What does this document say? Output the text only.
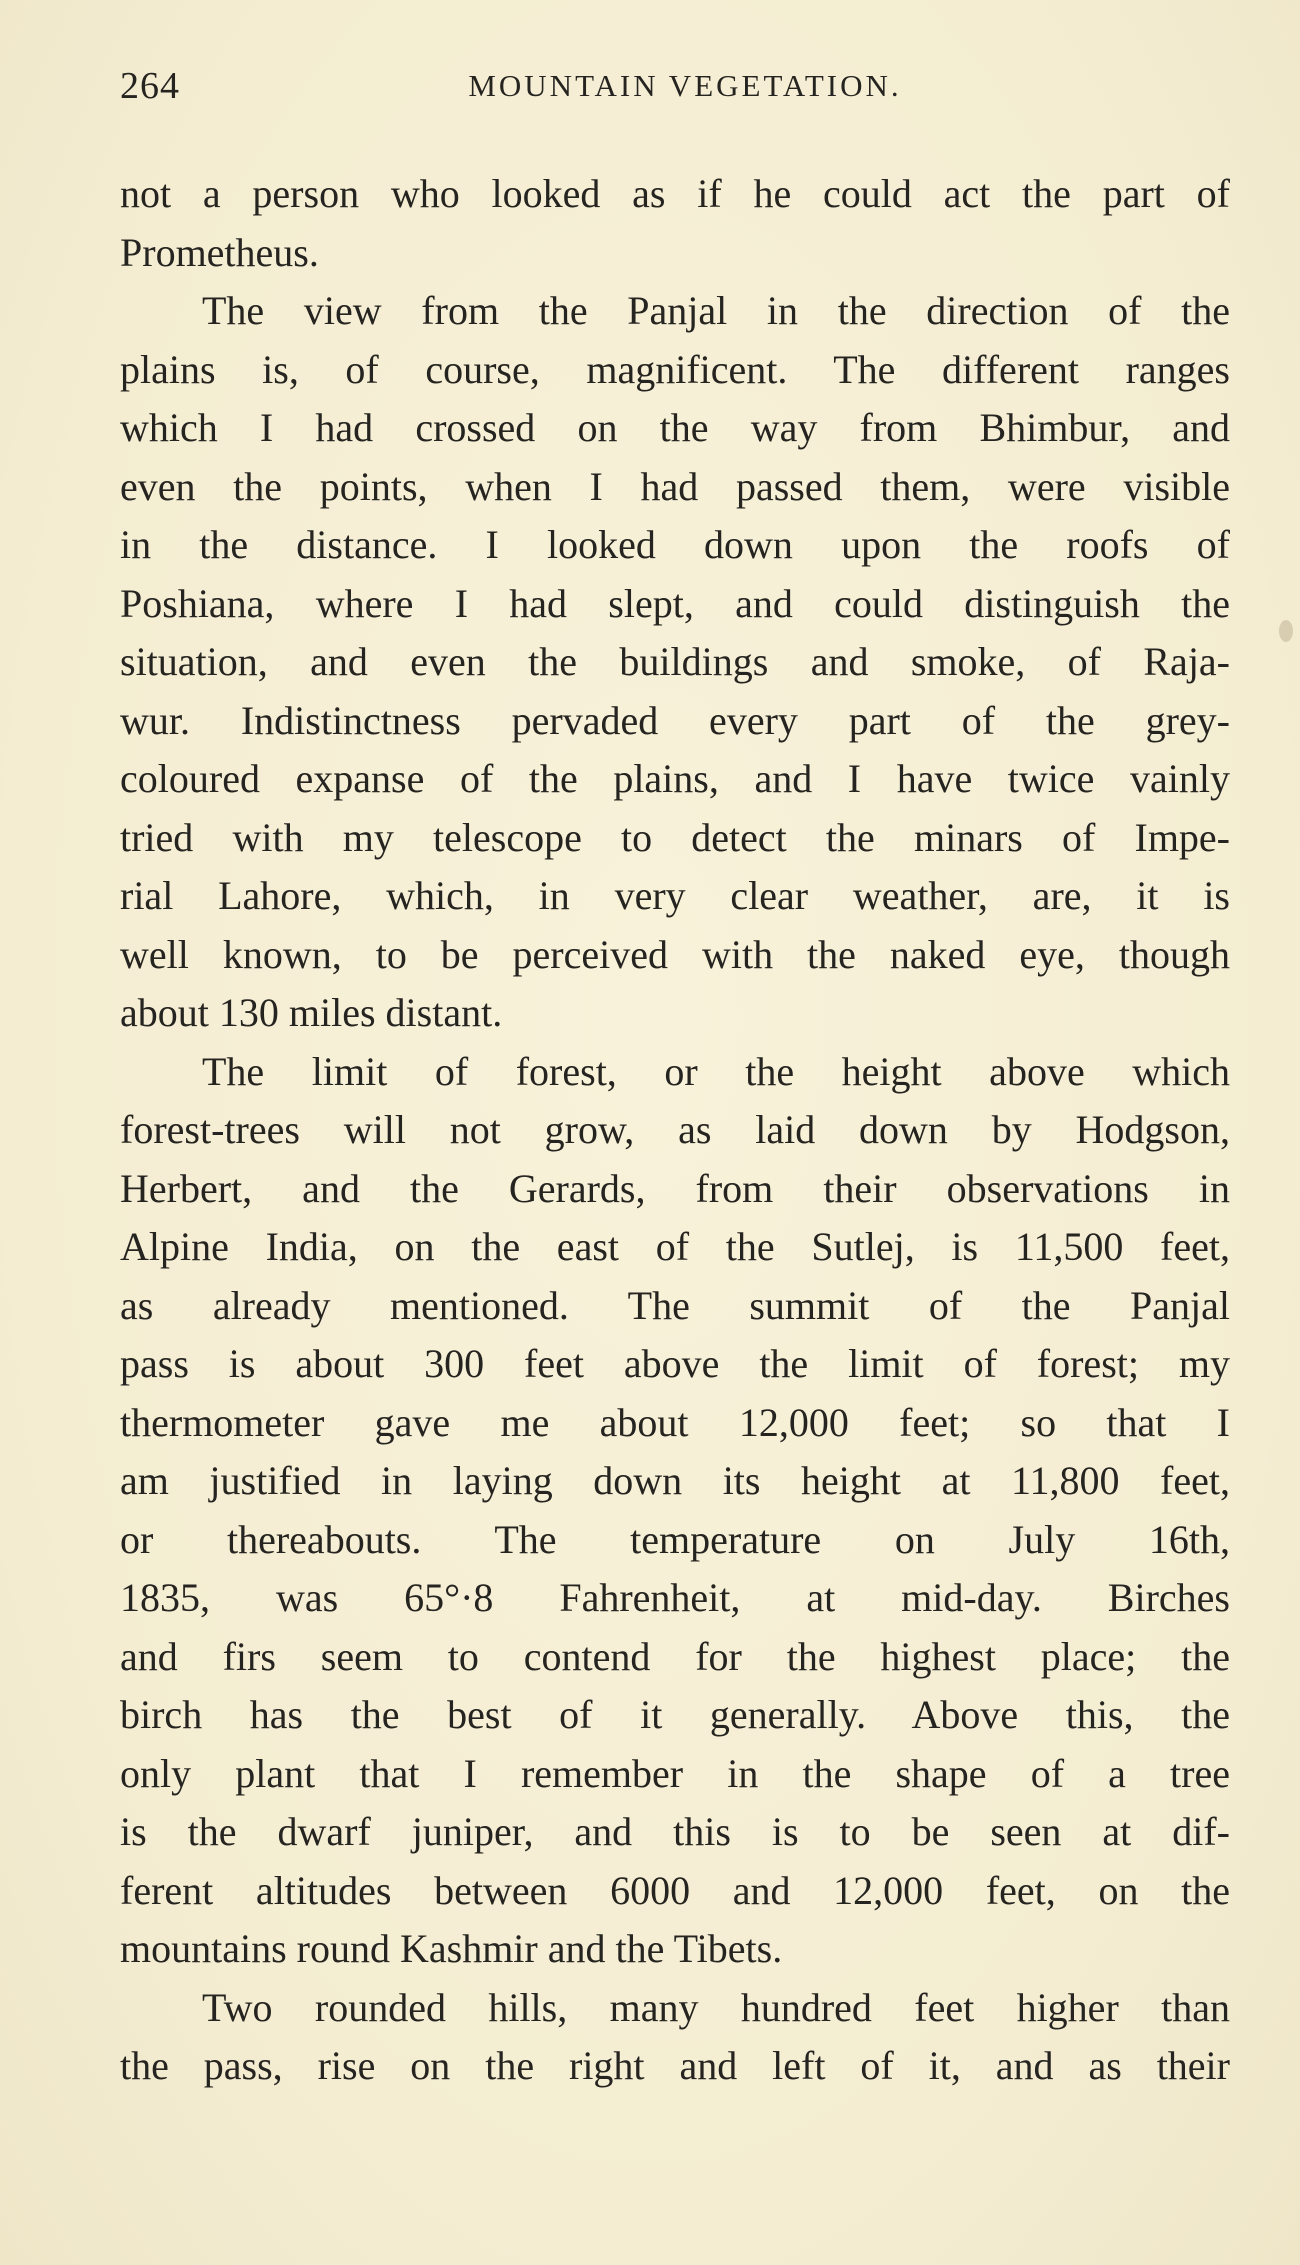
264	MOUNTAIN VEGETATION.
not a person who looked as if he could act the part of
Prometheus.
The view from the Panjal in the direction of the
plains is, of course, magnificent. The different ranges
which I had crossed on the way from Bhimbur, and
even the points, when I had passed them, were visible
in the distance. I looked down upon the roofs of
Poshiana, where I had slept, and could distinguish the
situation, and even the buildings and smoke, of Raja-
wur. Indistinctness pervaded every part of the grey-
coloured expanse of the plains, and I have twice vainly
tried with my telescope to detect the minars of Impe-
rial Lahore, which, in very clear weather, are, it is
well known, to be perceived with the naked eye, though
about 130 miles distant.
The limit of forest, or the height above which
forest-trees will not grow, as laid down by Hodgson,
Herbert, and the Gerards, from their observations in
Alpine India, on the east of the Sutlej, is 11,500 feet,
as already mentioned. The summit of the Panjal
pass is about 300 feet above the limit of forest; my
thermometer gave me about 12,000 feet; so that I
am justified in laying down its height at 11,800 feet,
or thereabouts. The temperature on July 16th,
1835, was 65°·8 Fahrenheit, at mid-day. Birches
and firs seem to contend for the highest place; the
birch has the best of it generally. Above this, the
only plant that I remember in the shape of a tree
is the dwarf juniper, and this is to be seen at dif-
ferent altitudes between 6000 and 12,000 feet, on the
mountains round Kashmir and the Tibets.
Two rounded hills, many hundred feet higher than
the pass, rise on the right and left of it, and as their
